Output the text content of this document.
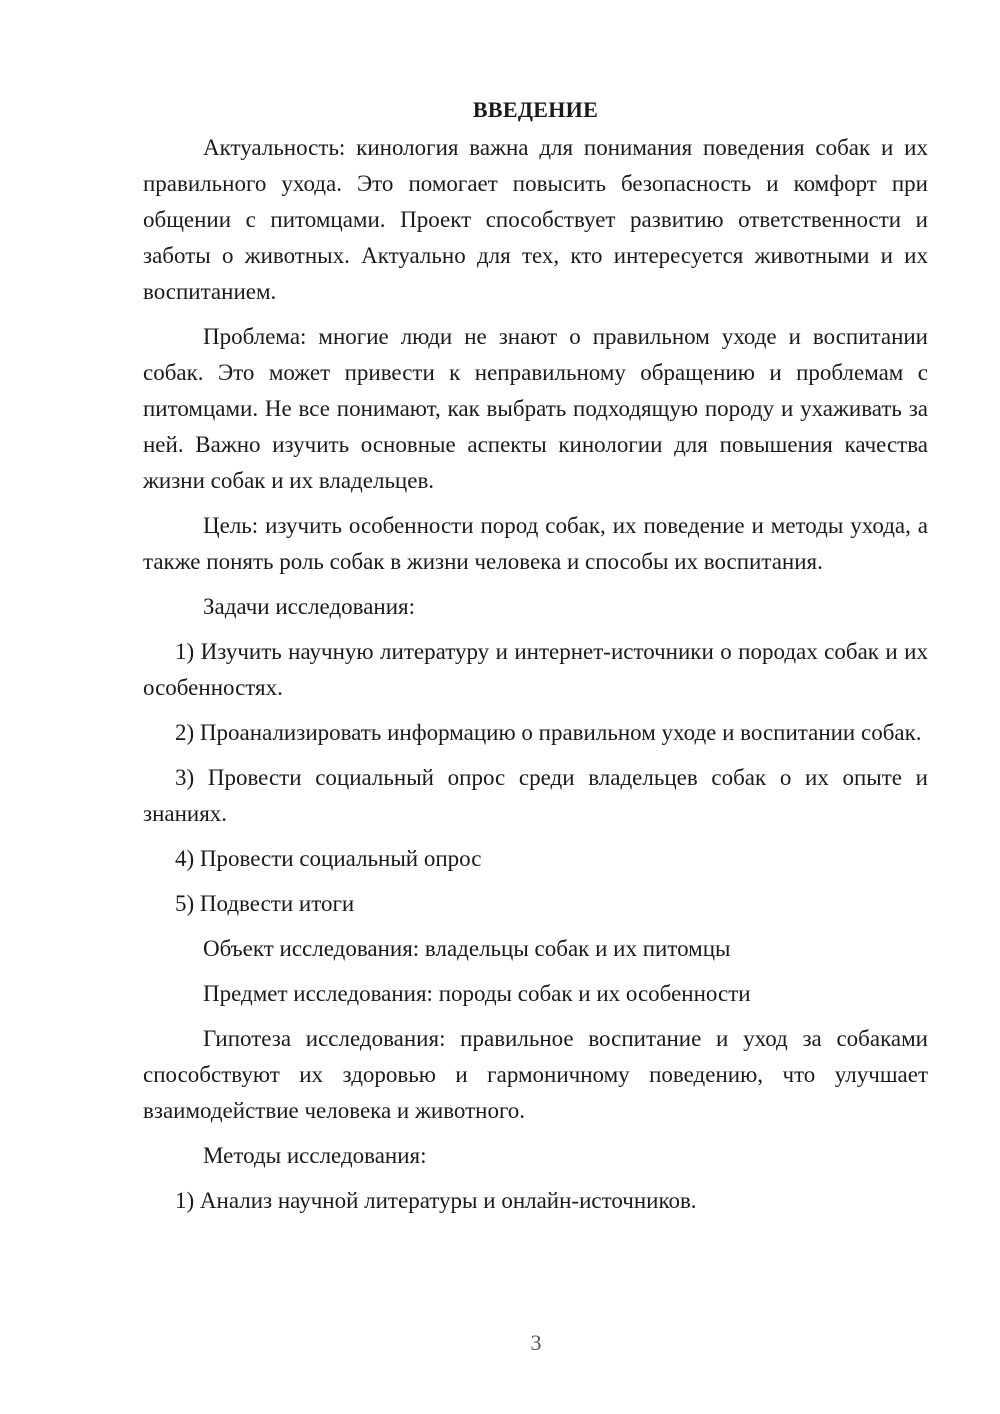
ВВЕДЕНИЕ

Актуальность: кинология важна для понимания поведения собак и их правильного ухода. Это помогает повысить безопасность и комфорт при общении с питомцами. Проект способствует развитию ответственности и заботы о животных. Актуально для тех, кто интересуется животными и их воспитанием.

Проблема: многие люди не знают о правильном уходе и воспитании собак. Это может привести к неправильному обращению и проблемам с питомцами. Не все понимают, как выбрать подходящую породу и ухаживать за ней. Важно изучить основные аспекты кинологии для повышения качества жизни собак и их владельцев.

Цель: изучить особенности пород собак, их поведение и методы ухода, а также понять роль собак в жизни человека и способы их воспитания.

Задачи исследования:

1) Изучить научную литературу и интернет-источники о породах собак и их особенностях.

2) Проанализировать информацию о правильном уходе и воспитании собак.

3) Провести социальный опрос среди владельцев собак о их опыте и знаниях.

4) Провести социальный опрос

5) Подвести итоги

Объект исследования: владельцы собак и их питомцы

Предмет исследования: породы собак и их особенности

Гипотеза исследования: правильное воспитание и уход за собаками способствуют их здоровью и гармоничному поведению, что улучшает взаимодействие человека и животного.

Методы исследования:

1) Анализ научной литературы и онлайн-источников.

3
